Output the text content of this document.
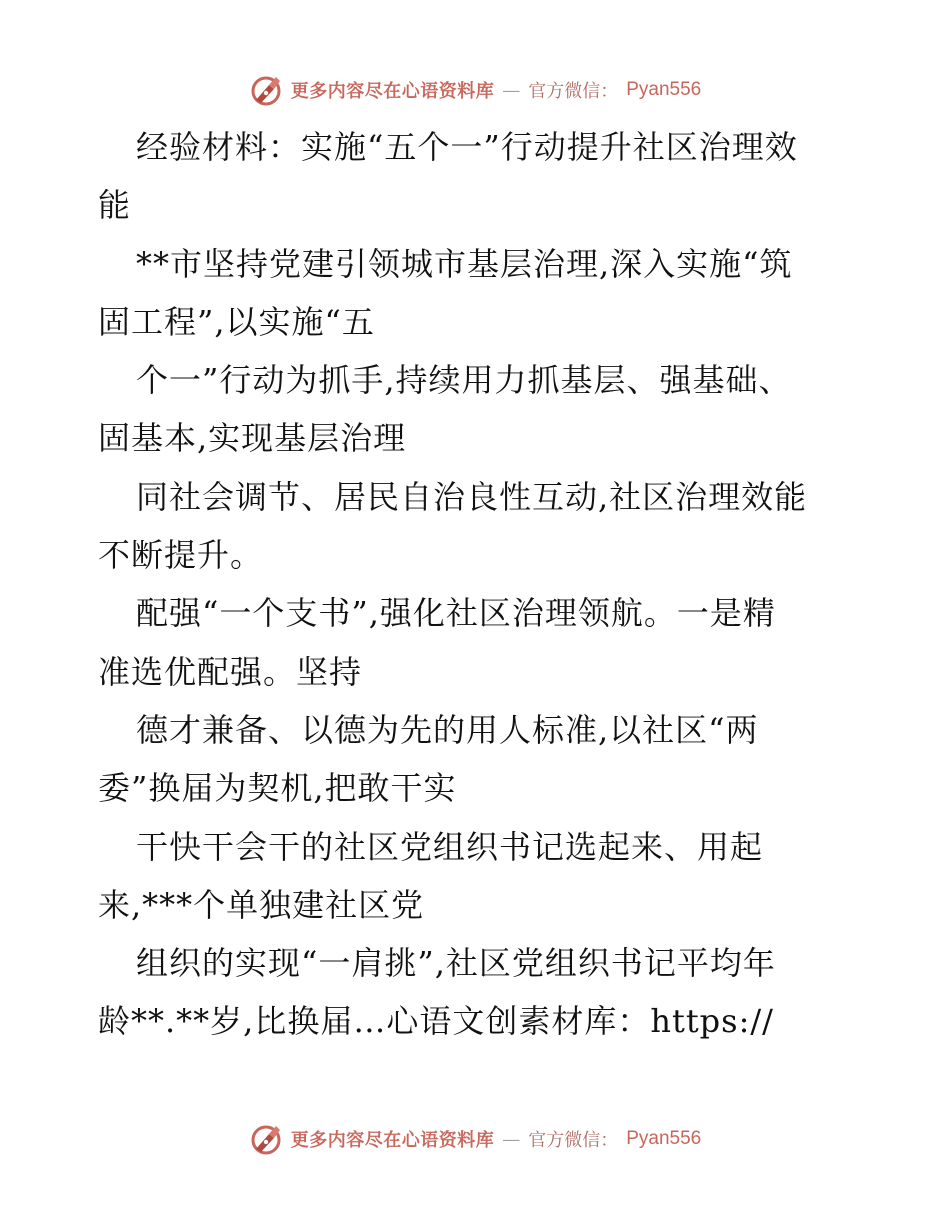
更多内容尽在心语资料库 — 官方微信： Pyan556
经验材料：实施“五个一”行动提升社区治理效
能
**市坚持党建引领城市基层治理,深入实施“筑
固工程”,以实施“五
个一”行动为抓手,持续用力抓基层、强基础、
固基本,实现基层治理
同社会调节、居民自治良性互动,社区治理效能
不断提升。
配强“一个支书”,强化社区治理领航。一是精
准选优配强。坚持
德才兼备、以德为先的用人标准,以社区“两
委”换届为契机,把敢干实
干快干会干的社区党组织书记选起来、用起
来,***个单独建社区党
组织的实现“一肩挑”,社区党组织书记平均年
龄**.**岁,比换届…心语文创素材库：https://
更多内容尽在心语资料库 — 官方微信： Pyan556
